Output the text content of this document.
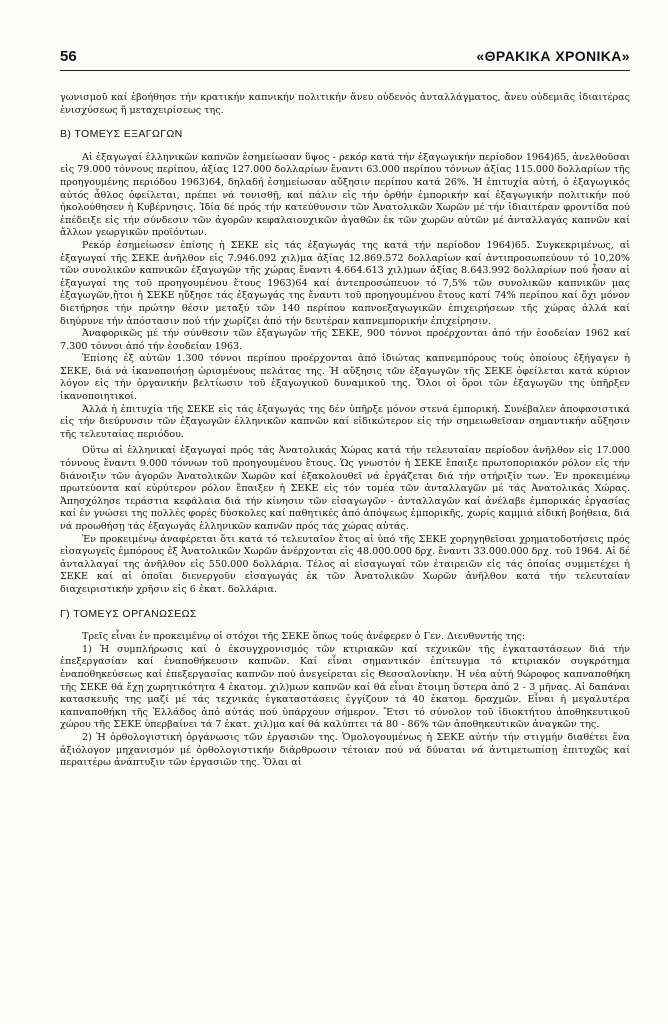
56	«ΘΡΑΚΙΚΑ ΧΡΟΝΙΚΑ»

γωνισμοῦ καί ἐβοήθησε τήν κρατικήν καπνικήν πολιτικήν ἄνευ οὐδενός ἀνταλλάγματος, ἄνευ οὐδεμιᾶς ἰδιαιτέρας ἐνισχύσεως ἤ μεταχειρίσεως της.

Β) ΤΟΜΕΥΣ ΕΞΑΓΩΓΩΝ

Αἱ ἐξαγωγαί ἑλληνικῶν καπνῶν ἐσημείωσαν ὕψος - ρεκόρ κατά τήν ἐξαγωγικήν περίοδον 1964)65, ἀνελθοῦσαι εἰς 79.000 τόννους περίπου, ἀξίας 127.000 δολλαρίων ἔναντι 63.000 περίπου τόννων ἀξίας 115.000 δολλαρίων τῆς προηγουμένης περιόδου 1963)64, δηλαδή ἐσημείωσαν αὔξησιν περίπου κατά 26%. Ἡ ἐπιτυχία αὐτή, ὁ ἐξαγωγικός αὐτός ἆθλος ὀφείλεται, πρέπει νά τονισθῇ, καί πάλιν εἰς τήν ὀρθήν ἐμπορικήν καί ἐξαγωγικήν πολιτικήν πού ἠκολούθησεν ἡ Κυβέρνησις. Ἰδία δέ πρός τήν κατεύθυνσιν τῶν Ἀνατολικῶν Χωρῶν μέ τήν ἰδιαιτέραν φροντίδα πού ἐπέδειξε εἰς τήν σύνδεσιν τῶν ἀγορῶν κεφαλαιουχικῶν ἀγαθῶν ἐκ τῶν χωρῶν αὐτῶν μέ ἀνταλλαγάς καπνῶν καί ἄλλων γεωργικῶν προϊόντων.

Ρεκόρ ἐσημείωσεν ἐπίσης ἡ ΣΕΚΕ εἰς τάς ἐξαγωγάς της κατά τήν περίοδον 1964)65. Συγκεκριμένως, αἱ ἐξαγωγαί τῆς ΣΕΚΕ ἀνῆλθον εἰς 7.946.092 χιλ)μα ἀξίας 12.869.572 δολλαρίων καί ἀντιπροσωπεύουν τό 10,20% τῶν συνολικῶν καπνικῶν ἐξαγωγῶν τῆς χώρας ἔναντι 4.664.613 χιλ)μων ἀξίας 8.643.992 δολλαρίων πού ἦσαν αἱ ἐξαγωγαί της τοῦ προηγουμένου ἔτους 1963)64 καί ἀντεπροσώπευον τό 7,5% τῶν συνολικῶν καπνικῶν μας ἐξαγωγῶν,ἤτοι ἡ ΣΕΚΕ ηὔξησε τάς ἐξαγωγάς της ἔναντι τοῦ προηγουμένου ἔτους κατί 74% περίπου καί ὄχι μόνον διετήρησε τήν πρώτην θέσιν μεταξύ τῶν 140 περίπου καπνοεξαγωγικῶν ἐπιχειρήσεων τῆς χώρας ἀλλά καί διηύρυνε τήν ἀπόστασιν πού τήν χωρίζει ἀπό τήν δευτέραν καπνεμπορικήν ἐπιχείρησιν.

Ἀναφορικῶς μέ τήν σύνθεσιν τῶν ἐξαγωγῶν τῆς ΣΕΚΕ, 900 τόννοι προέρχονται ἀπό τήν ἐσοδείαν 1962 καί 7.300 τόννοι ἀπό τήν ἐσοδείαν 1963.

Ἐπίσης ἐξ αὐτῶν 1.300 τόννοι περίπου προέρχονται ἀπό ἰδιώτας καπνεμπόρους τούς ὁποίους ἐξήγαγεν ἡ ΣΕΚΕ, διά νά ἱκανοποιήσῃ ὡρισμένους πελάτας της. Ἡ αὔξησις τῶν ἐξαγωγῶν τῆς ΣΕΚΕ ὀφείλεται κατά κύριον λόγον εἰς τήν ὀργανικήν βελτίωσιν τοῦ ἐξαγωγικοῦ δυναμικοῦ της. Ὅλοι οἱ ὅροι τῶν ἐξαγωγῶν της ὑπῆρξεν ἱκανοποιητικοί.

Ἀλλά ἡ ἐπιτυχία τῆς ΣΕΚΕ εἰς τάς ἐξαγωγάς της δέν ὑπῆρξε μόνον στενά ἐμπορική. Συνέβαλεν ἀποφασιστικά εἰς τήν διεύρυνσιν τῶν ἐξαγωγῶν ἑλληνικῶν καπνῶν καί εἰδικώτερον εἰς τήν σημειωθεῖσαν σημαντικήν αὔξησιν τῆς τελευταίας περιόδου.

Οὕτω αἱ ἑλληνικαί ἐξαγωγαί πρός τάς Ἀνατολικάς Χώρας κατά τήν τελευταίαν περίοδον ἀνῆλθον εἰς 17.000 τόννους ἔναντι 9.000 τόννων τοῦ προηγουμένου ἔτους. Ὡς γνωστόν ἡ ΣΕΚΕ ἔπαιξε πρωτοποριακόν ρόλον εἰς τήν διάνοιξιν τῶν ἀγορῶν Ἀνατολικῶν Χωρῶν καί ἐξακολουθεῖ νά ἐργάζεται διά τήν στήριξίν των. Ἐν προκειμένῳ πρωτεύοντα καί εὐρύτερον ρόλον ἔπαιξεν ἡ ΣΕΚΕ εἰς τόν τομέα τῶν ἀνταλλαγῶν μέ τάς Ἀνατολικάς Χώρας. Ἀπησχόλησε τεράστια κεφάλαια διά τήν κίνησιν τῶν εἰσαγωγῶν - ἀνταλλαγῶν καί ἀνέλαβε ἐμπορικάς ἐργασίας καί ἐν γνώσει της πολλές φορές δύσκολες καί παθητικές ἀπό ἀπόψεως ἐμπορικῆς, χωρίς καμμιά εἰδική βοήθεια, διά νά προωθήσῃ τάς ἐξαγωγάς ἑλληνικῶν καπνῶν πρός τάς χώρας αὐτάς.

Ἐν προκειμένῳ ἀναφέρεται ὅτι κατά τό τελευταῖον ἔτος αἱ ὑπό τῆς ΣΕΚΕ χορηγηθεῖσαι χρηματοδοτήσεις πρός εἰσαγωγεῖς ἐμπόρους ἐξ Ἀνατολικῶν Χωρῶν ἀνέρχονται εἰς 48.000.000 δρχ. ἔναντι 33.000.000 δρχ. τοῦ 1964. Αἱ δέ ἀνταλλαγαί της ἀνῆλθον εἰς 550.000 δολλάρια. Τέλος αἱ εἰσαγωγαί τῶν ἑταιρειῶν εἰς τάς ὁποίας συμμετέχει ἡ ΣΕΚΕ καί αἱ ὁποῖαι διενεργοῦν εἰσαγωγάς ἐκ τῶν Ἀνατολικῶν Χωρῶν ἀνῆλθον κατά τήν τελευταίαν διαχειριστικήν χρῆσιν εἰς 6 ἑκατ. δολλάρια.

Γ) ΤΟΜΕΥΣ ΟΡΓΑΝΩΣΕΩΣ

Τρεῖς εἶναι ἐν προκειμένῳ οἱ στόχοι τῆς ΣΕΚΕ ὅπως τούς ἀνέφερεν ὁ Γεν. Διευθυντής της:

1) Ἡ συμπλήρωσις καί ὁ ἐκσυγχρονισμός τῶν κτιριακῶν καί τεχνικῶν τῆς ἐγκαταστάσεων διά τήν ἐπεξεργασίαν καί ἐναποθήκευσιν καπνῶν. Καί εἶναι σημαντικόν ἐπίτευγμα τό κτιριακόν συγκρότημα ἐναποθηκεύσεως καί ἐπεξεργασίας καπνῶν πού ἀνεγείρεται εἰς Θεσσαλονίκην. Ἡ νέα αὐτή 9ώροφος καπναποθήκη τῆς ΣΕΚΕ θά ἔχῃ χωρητικότητα 4 ἑκατομ. χιλ)μων καπνῶν καί θά εἶναι ἕτοιμη ὕστερα ἀπό 2 - 3 μῆνας. Αἱ δαπάναι κατασκευῆς της μαζί μέ τάς τεχνικάς ἐγκαταστάσεις ἐγγίζουν τά 40 ἑκατομ. δραχμῶν. Εἶναι ἡ μεγαλυτέρα καπναποθήκη τῆς Ἑλλάδος ἀπό αὐτάς πού ὑπάρχουν σήμερον. Ἔτσι τό σύνολον τοῦ ἰδιοκτήτου ἀποθηκευτικοῦ χώρου τῆς ΣΕΚΕ ὑπερβαίνει τά 7 ἑκατ. χιλ)μα καί θά καλύπτει τά 80 - 86% τῶν ἀποθηκευτικῶν ἀναγκῶν της.

2) Ἡ ὀρθολογιστική ὀργάνωσις τῶν ἐργασιῶν της. Ὁμολογουμένως ἡ ΣΕΚΕ αὐτήν τήν στιγμήν διαθέτει ἕνα ἀξιόλογον μηχανισμόν μέ ὀρθολογιστικήν διάρθρωσιν τέτοιαν πού νά δύναται νά ἀντιμετωπίσῃ ἐπιτυχῶς καί περαιτέρω ἀνάπτυξιν τῶν ἐργασιῶν της. Ὅλαι αἱ
